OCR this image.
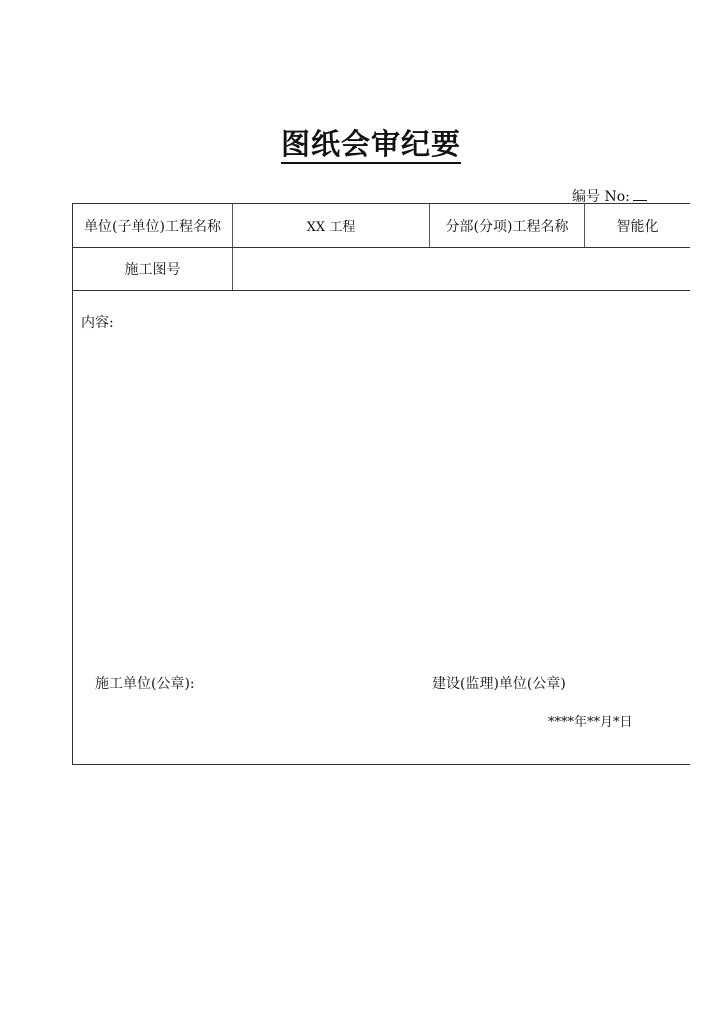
图纸会审纪要
编号 No:
单位(子单位)工程名称	XX 工程	分部(分项)工程名称	智能化
施工图号
内容:
施工单位(公章):	建设(监理)单位(公章)
****年**月*日
